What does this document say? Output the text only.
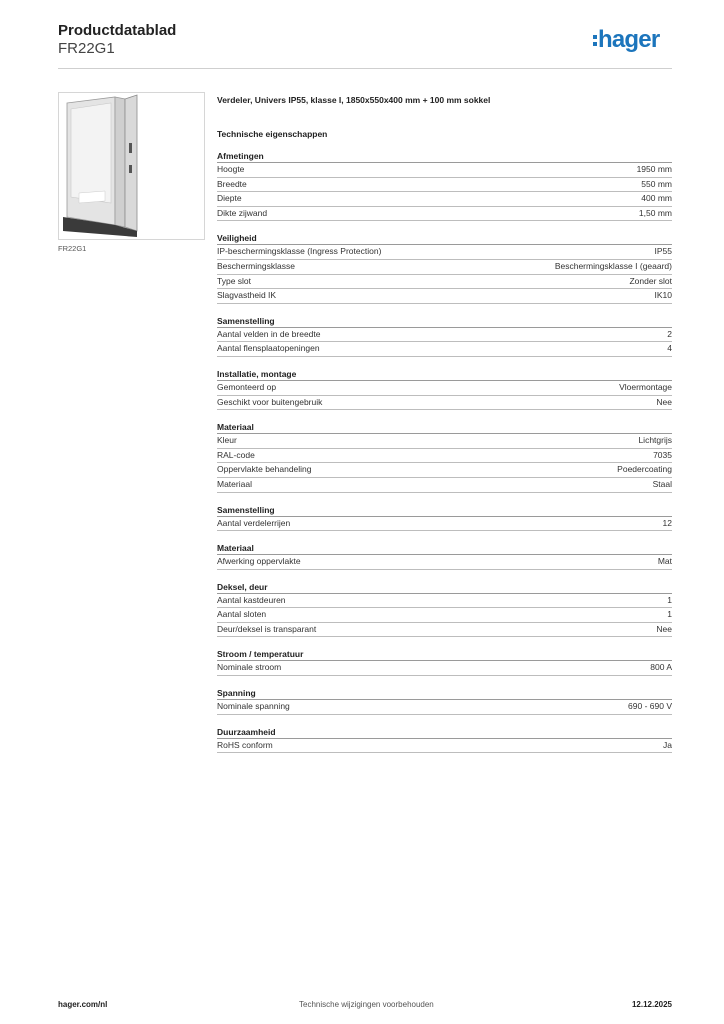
Productdatablad
FR22G1	hager
FR22G1
Verdeler, Univers IP55, klasse I, 1850x550x400 mm + 100 mm sokkel
Technische eigenschappen
Afmetingen
Hoogte	1950 mm
Breedte	550 mm
Diepte	400 mm
Dikte zijwand	1,50 mm
Veiligheid
IP-beschermingsklasse (Ingress Protection)	IP55
Beschermingsklasse	Beschermingsklasse I (geaard)
Type slot	Zonder slot
Slagvastheid IK	IK10
Samenstelling
Aantal velden in de breedte	2
Aantal flensplaatopeningen	4
Installatie, montage
Gemonteerd op	Vloermontage
Geschikt voor buitengebruik	Nee
Materiaal
Kleur	Lichtgrijs
RAL-code	7035
Oppervlakte behandeling	Poedercoating
Materiaal	Staal
Samenstelling
Aantal verdelerrijen	12
Materiaal
Afwerking oppervlakte	Mat
Deksel, deur
Aantal kastdeuren	1
Aantal sloten	1
Deur/deksel is transparant	Nee
Stroom / temperatuur
Nominale stroom	800 A
Spanning
Nominale spanning	690 - 690 V
Duurzaamheid
RoHS conform	Ja
hager.com/nl	Technische wijzigingen voorbehouden	12.12.2025
